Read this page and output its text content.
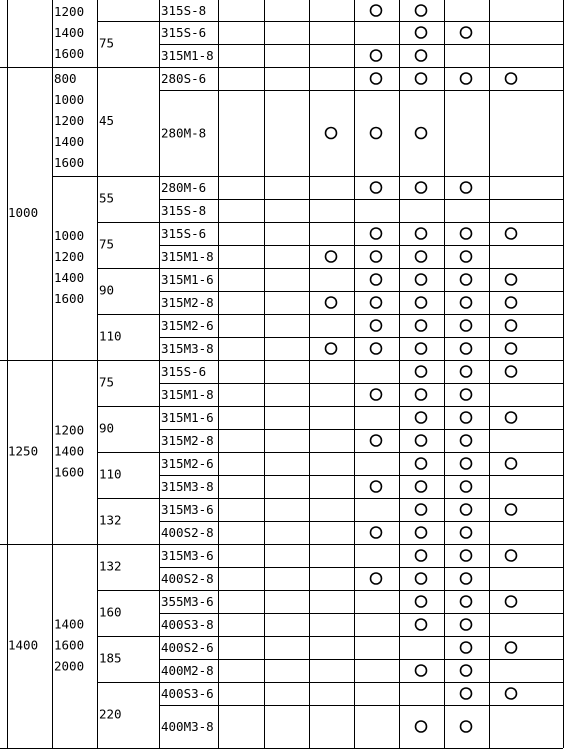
315S-8
315S-6
315M1-8
75
1200
1400
1600
280S-6
280M-8
45
800
1000
1200
1400
1600
280M-6
315S-8
55
315S-6
315M1-8
75
315M1-6
315M2-8
90
315M2-6
315M3-8
110
1000
1200
1400
1600
1000
315S-6
315M1-8
75
315M1-6
315M2-8
90
315M2-6
315M3-8
110
315M3-6
400S2-8
132
1200
1400
1600
1250
315M3-6
400S2-8
132
355M3-6
400S3-8
160
400S2-6
400M2-8
185
400S3-6
400M3-8
220
1400
1600
2000
1400
